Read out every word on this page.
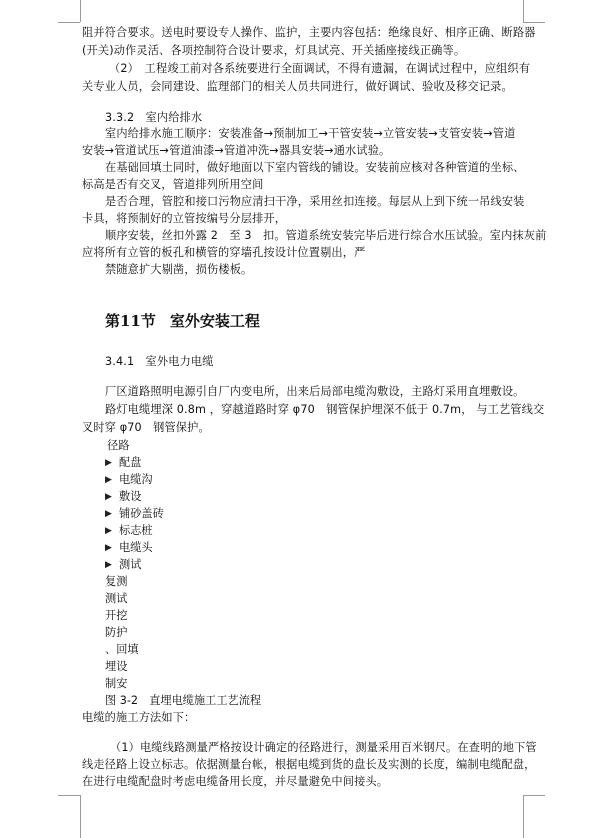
阻并符合要求。送电时要设专人操作、监护，主要内容包括：绝缘良好、相序正确、断路器
(开关)动作灵活、各项控制符合设计要求，灯具试亮、开关插座接线正确等。
（2）　工程竣工前对各系统要进行全面调试，不得有遗漏，在调试过程中，应组织有
关专业人员，会同建设、监理部门的相关人员共同进行，做好调试、验收及移交记录。
3.3.2　室内给排水
室内给排水施工顺序：安装准备→预制加工→干管安装→立管安装→支管安装→管道
安装→管道试压→管道油漆→管道冲洗→器具安装→通水试验。
在基础回填土同时，做好地面以下室内管线的铺设。安装前应核对各种管道的坐标、
标高是否有交叉，管道排列所用空间
是否合理，管腔和接口污物应清扫干净，采用丝扣连接。每层从上到下统一吊线安装
卡具，将预制好的立管按编号分层排开，
顺序安装，丝扣外露 2　至 3　扣。管道系统安装完毕后进行综合水压试验。室内抹灰前
应将所有立管的板孔和横管的穿墙孔按设计位置剔出，严
禁随意扩大剔凿，损伤楼板。
第11节 室外安装工程
3.4.1　室外电力电缆
厂区道路照明电源引自厂内变电所，出来后局部电缆沟敷设，主路灯采用直埋敷设。
路灯电缆埋深 0.8m ，穿越道路时穿 φ70　钢管保护埋深不低于 0.7m， 与工艺管线交
叉时穿 φ70　钢管保护。
径路
▶ 配盘
▶ 电缆沟
▶ 敷设
▶ 铺砂盖砖
▶ 标志桩
▶ 电缆头
▶ 测试
复测
测试
开挖
防护
、回填
埋设
制安
图 3-2　直埋电缆施工工艺流程
电缆的施工方法如下：
（1）电缆线路测量严格按设计确定的径路进行，测量采用百米钢尺。在查明的地下管
线走径路上设立标志。依据测量台帐，根据电缆到货的盘长及实测的长度，编制电缆配盘，
在进行电缆配盘时考虑电缆备用长度，并尽量避免中间接头。
